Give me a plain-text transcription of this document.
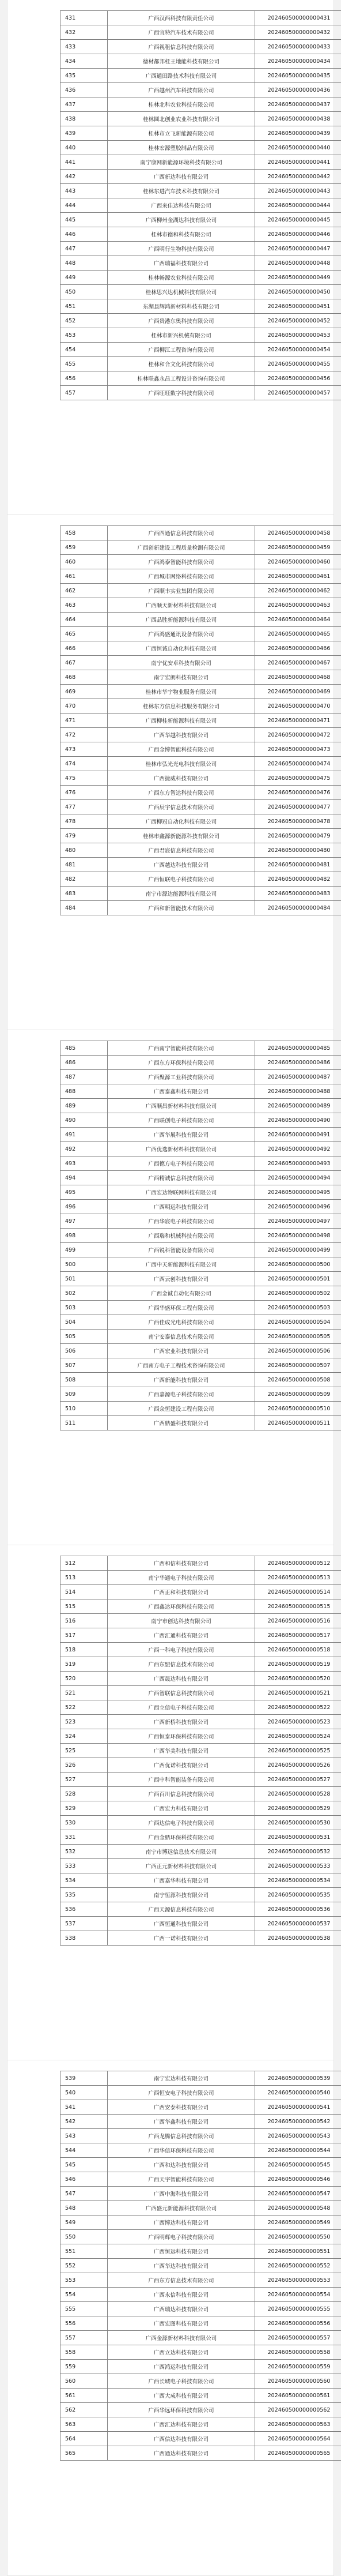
431	广西汉西科技有限责任公司	202460500000000431
432	广西宜特汽车技术有限公司	202460500000000432
433	广西视租信息科技有限公司	202460500000000433
434	德材都邦桂王地能科技有限公司	202460500000000434
435	广西通田路技术科技有限公司	202460500000000435
436	广西越州汽车科技有限公司	202460500000000436
437	桂林北科农业科技有限公司	202460500000000437
438	桂林圆北创业农业科技有限公司	202460500000000438
439	桂林市立飞新能源有限公司	202460500000000439
440	桂林宏源塑胶制品有限公司	202460500000000440
441	南宁康网新能源环境科技有限公司	202460500000000441
442	广西新达科技有限公司	202460500000000442
443	桂林东进汽车技术科技有限公司	202460500000000443
444	广西来佳达科技有限公司	202460500000000444
445	广西柳州金湖达科技有限公司	202460500000000445
446	桂林市德和科技有限公司	202460500000000446
447	广西明行生物科技有限公司	202460500000000447
448	广西瑞福科技有限公司	202460500000000448
449	桂林畅源农业科技有限公司	202460500000000449
450	桂林思兴达机械科技有限公司	202460500000000450
451	东湖县辉鸿新材料科技有限公司	202460500000000451
452	广西贵港东奥科技有限公司	202460500000000452
453	桂林市新兴机械有限公司	202460500000000453
454	广西柳江工程咨询有限公司	202460500000000454
455	桂林和合文化科技有限公司	202460500000000455
456	桂林联鑫永昌工程设计咨询有限公司	202460500000000456
457	广西旺旺数字科技有限公司	202460500000000457
458	广西四通信息科技有限公司	202460500000000458
459	广西创新建设工程质量检测有限公司	202460500000000459
460	广西鸿泰智能科技有限公司	202460500000000460
461	广西城市网络科技有限公司	202460500000000461
462	广西顺丰实业集团有限公司	202460500000000462
463	广西顺天新材料科技有限公司	202460500000000463
464	广西品胜新能源科技有限公司	202460500000000464
465	广西鸿盛通讯设备有限公司	202460500000000465
466	广西恒诚自动化科技有限公司	202460500000000466
467	南宁优安卓科技有限公司	202460500000000467
468	南宁宏朗科技有限公司	202460500000000468
469	桂林市华宇物业服务有限公司	202460500000000469
470	桂林东方信息科技服务有限公司	202460500000000470
471	广西柳桂新能源科技有限公司	202460500000000471
472	广西华越科技有限公司	202460500000000472
473	广西金博智能科技有限公司	202460500000000473
474	桂林市弘光光电科技有限公司	202460500000000474
475	广西捷威科技有限公司	202460500000000475
476	广西东方智达科技有限公司	202460500000000476
477	广西辰宇信息技术有限公司	202460500000000477
478	广西柳冠自动化科技有限公司	202460500000000478
479	桂林市鑫源新能源科技有限公司	202460500000000479
480	广西君宸信息科技有限公司	202460500000000480
481	广西越达科技有限公司	202460500000000481
482	广西恒联电子科技有限公司	202460500000000482
483	南宁市源达能源科技有限公司	202460500000000483
484	广西和新智能技术有限公司	202460500000000484
485	广西南宁智能科技有限公司	202460500000000485
486	广西东方环保科技有限公司	202460500000000486
487	广西聚源工业科技有限公司	202460500000000487
488	广西泰鑫科技有限公司	202460500000000488
489	广西顺昌新材料科技有限公司	202460500000000489
490	广西联创电子科技有限公司	202460500000000490
491	广西华展科技有限公司	202460500000000491
492	广西优选新材料科技有限公司	202460500000000492
493	广西德方电子科技有限公司	202460500000000493
494	广西精诚信息科技有限公司	202460500000000494
495	广西宏达物联网科技有限公司	202460500000000495
496	广西明远科技有限公司	202460500000000496
497	广西华宸电子科技有限公司	202460500000000497
498	广西瑞和机械科技有限公司	202460500000000498
499	广西锐科智能设备有限公司	202460500000000499
500	广西中天新能源科技有限公司	202460500000000500
501	广西云创科技有限公司	202460500000000501
502	广西金诚自动化有限公司	202460500000000502
503	广西华盛环保工程有限公司	202460500000000503
504	广西佳成光电科技有限公司	202460500000000504
505	南宁安泰信息技术有限公司	202460500000000505
506	广西宏业科技有限公司	202460500000000506
507	广西南方电子工程技术咨询有限公司	202460500000000507
508	广西新能科技有限公司	202460500000000508
509	广西嘉源电子科技有限公司	202460500000000509
510	广西众恒建设工程有限公司	202460500000000510
511	广西鼎盛科技有限公司	202460500000000511
512	广西和信科技有限公司	202460500000000512
513	南宁华通电子科技有限公司	202460500000000513
514	广西正和科技有限公司	202460500000000514
515	广西鑫达环保科技有限公司	202460500000000515
516	南宁市创达科技有限公司	202460500000000516
517	广西汇通科技有限公司	202460500000000517
518	广西一科电子科技有限公司	202460500000000518
519	广西东盟信息技术有限公司	202460500000000519
520	广西晟达科技有限公司	202460500000000520
521	广西智联信息科技有限公司	202460500000000521
522	广西立信电子科技有限公司	202460500000000522
523	广西新桥科技有限公司	202460500000000523
524	广西恒泰环保科技有限公司	202460500000000524
525	广西华美科技有限公司	202460500000000525
526	广西优诺科技有限公司	202460500000000526
527	广西中科智能装备有限公司	202460500000000527
528	广西百川信息科技有限公司	202460500000000528
529	广西宏力科技有限公司	202460500000000529
530	广西达信电子科技有限公司	202460500000000530
531	广西金鼎环保科技有限公司	202460500000000531
532	南宁市博远信息技术有限公司	202460500000000532
533	广西正元新材料科技有限公司	202460500000000533
534	广西嘉华科技有限公司	202460500000000534
535	南宁恒源科技有限公司	202460500000000535
536	广西天源信息科技有限公司	202460500000000536
537	广西恒通科技有限公司	202460500000000537
538	广西一诺科技有限公司	202460500000000538
539	南宁宏达科技有限公司	202460500000000539
540	广西恒安电子科技有限公司	202460500000000540
541	广西安泰科技有限公司	202460500000000541
542	广西华鑫科技有限公司	202460500000000542
543	广西龙腾信息科技有限公司	202460500000000543
544	广西华信环保科技有限公司	202460500000000544
545	广西和达科技有限公司	202460500000000545
546	广西天宇智能科技有限公司	202460500000000546
547	广西中海科技有限公司	202460500000000547
548	广西盛元新能源科技有限公司	202460500000000548
549	广西博达科技有限公司	202460500000000549
550	广西明辉电子科技有限公司	202460500000000550
551	广西恒远科技有限公司	202460500000000551
552	广西华达科技有限公司	202460500000000552
553	广西东方信息技术有限公司	202460500000000553
554	广西永信科技有限公司	202460500000000554
555	广西瑞达科技有限公司	202460500000000555
556	广西宏图科技有限公司	202460500000000556
557	广西金源新材料科技有限公司	202460500000000557
558	广西立达科技有限公司	202460500000000558
559	广西鸿运科技有限公司	202460500000000559
560	广西长城电子科技有限公司	202460500000000560
561	广西大成科技有限公司	202460500000000561
562	广西华远环保科技有限公司	202460500000000562
563	广西汇达科技有限公司	202460500000000563
564	广西信达科技有限公司	202460500000000564
565	广西通达科技有限公司	202460500000000565
